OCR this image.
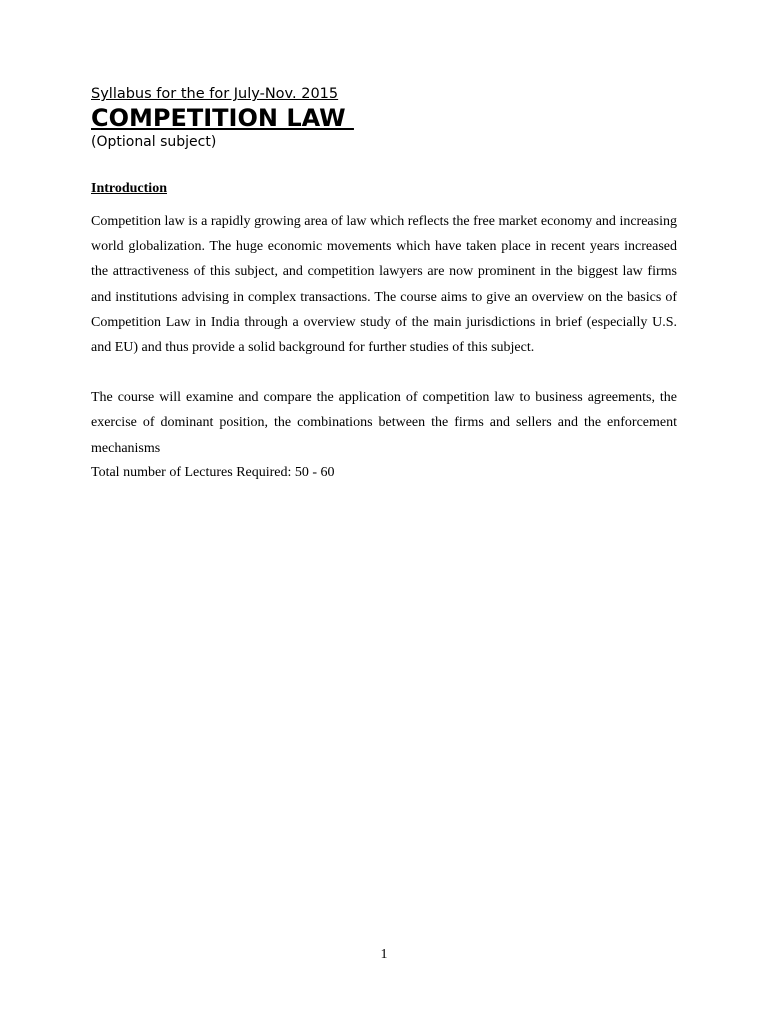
Syllabus for the for July-Nov. 2015
COMPETITION LAW
(Optional subject)
Introduction

Competition law is a rapidly growing area of law which reflects the free market economy and increasing world globalization. The huge economic movements which have taken place in recent years increased the attractiveness of this subject, and competition lawyers are now prominent in the biggest law firms and institutions advising in complex transactions. The course aims to give an overview on the basics of Competition Law in India through a overview study of the main jurisdictions in brief (especially U.S. and EU) and thus provide a solid background for further studies of this subject.

The course will examine and compare the application of competition law to business agreements, the exercise of dominant position, the combinations between the firms and sellers and the enforcement mechanisms

Total number of Lectures Required: 50 - 60
1
